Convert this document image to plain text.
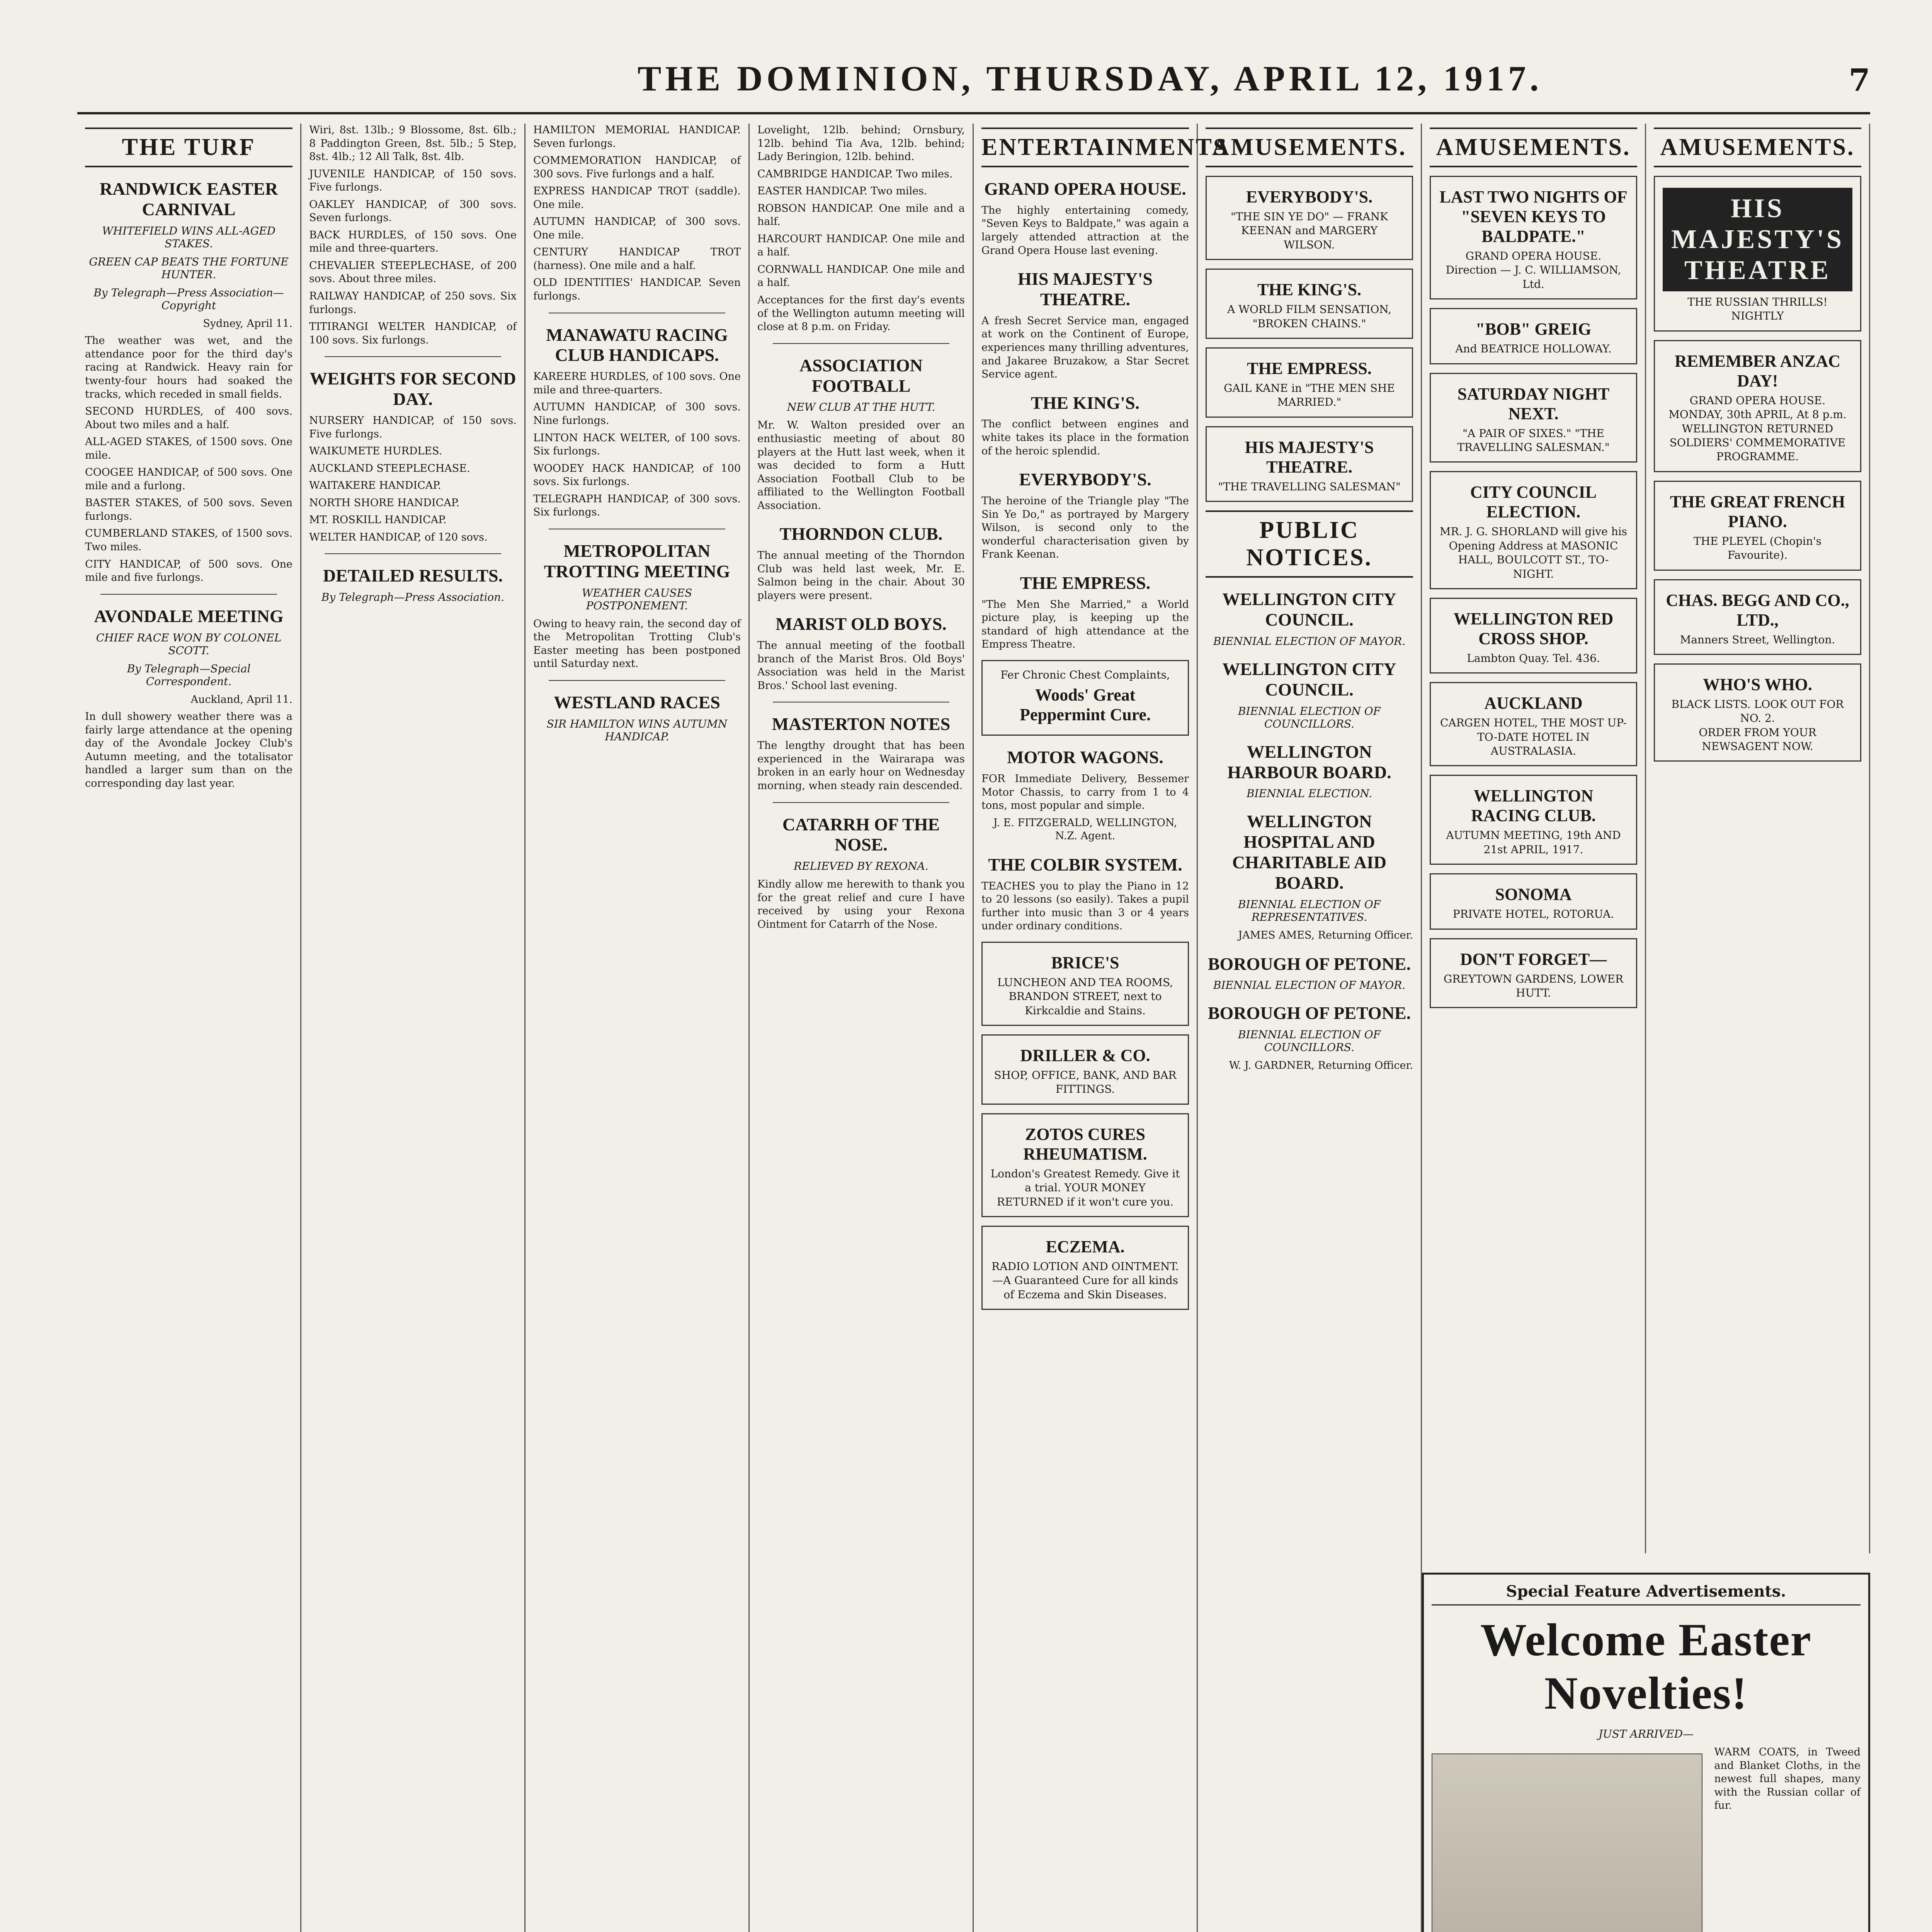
THE DOMINION, THURSDAY, APRIL 12, 1917.	7
THE TURF
RANDWICK EASTER CARNIVAL
WHITEFIELD WINS ALL-AGED STAKES.
GREEN CAP BEATS THE FORTUNE HUNTER.
By Telegraph—Press Association—Copyright
Sydney, April 11.

The weather was wet, and the attendance poor for the third day's racing at Randwick. Heavy rain for twenty-four hours had soaked the tracks, which receded in small fields.

SECOND HURDLES, of 400 sovs. About two miles and a half.

ALL-AGED STAKES, of 1500 sovs. One mile.

COOGEE HANDICAP, of 500 sovs. One mile and a furlong.

BASTER STAKES, of 500 sovs. Seven furlongs.

CUMBERLAND STAKES, of 1500 sovs. Two miles.

CITY HANDICAP, of 500 sovs. One mile and five furlongs.

AVONDALE MEETING
CHIEF RACE WON BY COLONEL SCOTT.
By Telegraph—Special Correspondent.
Auckland, April 11.

In dull showery weather there was a fairly large attendance at the opening day of the Avondale Jockey Club's Autumn meeting, and the totalisator handled a larger sum than on the corresponding day last year.

Wiri, 8st. 13lb.; 9 Blossome, 8st. 6lb.; 8 Paddington Green, 8st. 5lb.; 5 Step, 8st. 4lb.; 12 All Talk, 8st. 4lb.

JUVENILE HANDICAP, of 150 sovs. Five furlongs.

OAKLEY HANDICAP, of 300 sovs. Seven furlongs.

BACK HURDLES, of 150 sovs. One mile and three-quarters.

CHEVALIER STEEPLECHASE, of 200 sovs. About three miles.

RAILWAY HANDICAP, of 250 sovs. Six furlongs.

TITIRANGI WELTER HANDICAP, of 100 sovs. Six furlongs.

WEIGHTS FOR SECOND DAY.

NURSERY HANDICAP, of 150 sovs. Five furlongs.

WAIKUMETE HURDLES.

AUCKLAND STEEPLECHASE.

WAITAKERE HANDICAP.

NORTH SHORE HANDICAP.

MT. ROSKILL HANDICAP.

WELTER HANDICAP, of 120 sovs.

DETAILED RESULTS.
By Telegraph—Press Association.

HAMILTON MEMORIAL HANDICAP. Seven furlongs.

COMMEMORATION HANDICAP, of 300 sovs. Five furlongs and a half.

EXPRESS HANDICAP TROT (saddle). One mile.

AUTUMN HANDICAP, of 300 sovs. One mile.

CENTURY HANDICAP TROT (harness). One mile and a half.

OLD IDENTITIES' HANDICAP. Seven furlongs.

MANAWATU RACING CLUB HANDICAPS.

KAREERE HURDLES, of 100 sovs. One mile and three-quarters.

AUTUMN HANDICAP, of 300 sovs. Nine furlongs.

LINTON HACK WELTER, of 100 sovs. Six furlongs.

WOODEY HACK HANDICAP, of 100 sovs. Six furlongs.

TELEGRAPH HANDICAP, of 300 sovs. Six furlongs.

METROPOLITAN TROTTING MEETING
WEATHER CAUSES POSTPONEMENT.

Owing to heavy rain, the second day of the Metropolitan Trotting Club's Easter meeting has been postponed until Saturday next.

WESTLAND RACES
SIR HAMILTON WINS AUTUMN HANDICAP.

Lovelight, 12lb. behind; Ornsbury, 12lb. behind Tia Ava, 12lb. behind; Lady Beringion, 12lb. behind.

CAMBRIDGE HANDICAP. Two miles.

EASTER HANDICAP. Two miles.

ROBSON HANDICAP. One mile and a half.

HARCOURT HANDICAP. One mile and a half.

CORNWALL HANDICAP. One mile and a half.

Acceptances for the first day's events of the Wellington autumn meeting will close at 8 p.m. on Friday.

ASSOCIATION FOOTBALL
NEW CLUB AT THE HUTT.

Mr. W. Walton presided over an enthusiastic meeting of about 80 players at the Hutt last week, when it was decided to form a Hutt Association Football Club to be affiliated to the Wellington Football Association.

THORNDON CLUB.

The annual meeting of the Thorndon Club was held last week, Mr. E. Salmon being in the chair. About 30 players were present.

MARIST OLD BOYS.

The annual meeting of the football branch of the Marist Bros. Old Boys' Association was held in the Marist Bros.' School last evening.

MASTERTON NOTES

The lengthy drought that has been experienced in the Wairarapa was broken in an early hour on Wednesday morning, when steady rain descended.

CATARRH OF THE NOSE.
RELIEVED BY REXONA.

Kindly allow me herewith to thank you for the great relief and cure I have received by using your Rexona Ointment for Catarrh of the Nose.

ENTERTAINMENTS
GRAND OPERA HOUSE.

The highly entertaining comedy, "Seven Keys to Baldpate," was again a largely attended attraction at the Grand Opera House last evening.

HIS MAJESTY'S THEATRE.

A fresh Secret Service man, engaged at work on the Continent of Europe, experiences many thrilling adventures, and Jakaree Bruzakow, a Star Secret Service agent.

THE KING'S.

The conflict between engines and white takes its place in the formation of the heroic splendid.

EVERYBODY'S.

The heroine of the Triangle play "The Sin Ye Do," as portrayed by Margery Wilson, is second only to the wonderful characterisation given by Frank Keenan.

THE EMPRESS.

"The Men She Married," a World picture play, is keeping up the standard of high attendance at the Empress Theatre.

Fer Chronic Chest Complaints,
Woods' Great Peppermint Cure.
MOTOR WAGONS.

FOR Immediate Delivery, Bessemer Motor Chassis, to carry from 1 to 4 tons, most popular and simple.

J. E. FITZGERALD, WELLINGTON, N.Z. Agent.

THE COLBIR SYSTEM.

TEACHES you to play the Piano in 12 to 20 lessons (so easily). Takes a pupil further into music than 3 or 4 years under ordinary conditions.

BRICE'S
LUNCHEON AND TEA ROOMS, BRANDON STREET, next to Kirkcaldie and Stains.
DRILLER & CO.
SHOP, OFFICE, BANK, AND BAR FITTINGS.
ZOTOS CURES RHEUMATISM.
London's Greatest Remedy. Give it a trial. YOUR MONEY RETURNED if it won't cure you.
ECZEMA.
RADIO LOTION AND OINTMENT.—A Guaranteed Cure for all kinds of Eczema and Skin Diseases.
AMUSEMENTS.
EVERYBODY'S.
"THE SIN YE DO" — FRANK KEENAN and MARGERY WILSON.
THE KING'S.
A WORLD FILM SENSATION, "BROKEN CHAINS."
THE EMPRESS.
GAIL KANE in "THE MEN SHE MARRIED."
HIS MAJESTY'S THEATRE.
"THE TRAVELLING SALESMAN"
PUBLIC NOTICES.
WELLINGTON CITY COUNCIL.
BIENNIAL ELECTION OF MAYOR.
WELLINGTON CITY COUNCIL.
BIENNIAL ELECTION OF COUNCILLORS.
WELLINGTON HARBOUR BOARD.
BIENNIAL ELECTION.
WELLINGTON HOSPITAL AND CHARITABLE AID BOARD.
BIENNIAL ELECTION OF REPRESENTATIVES.

JAMES AMES, Returning Officer.

BOROUGH OF PETONE.
BIENNIAL ELECTION OF MAYOR.
BOROUGH OF PETONE.
BIENNIAL ELECTION OF COUNCILLORS.

W. J. GARDNER, Returning Officer.

AMUSEMENTS.
LAST TWO NIGHTS OF "SEVEN KEYS TO BALDPATE."
GRAND OPERA HOUSE. Direction — J. C. WILLIAMSON, Ltd.
"BOB" GREIG
And BEATRICE HOLLOWAY.
SATURDAY NIGHT NEXT.
"A PAIR OF SIXES." "THE TRAVELLING SALESMAN."
CITY COUNCIL ELECTION.
MR. J. G. SHORLAND will give his Opening Address at MASONIC HALL, BOULCOTT ST., TO-NIGHT.
WELLINGTON RED CROSS SHOP.
Lambton Quay. Tel. 436.
AUCKLAND
CARGEN HOTEL, THE MOST UP-TO-DATE HOTEL IN AUSTRALASIA.
WELLINGTON RACING CLUB.
AUTUMN MEETING, 19th AND 21st APRIL, 1917.
SONOMA
PRIVATE HOTEL, ROTORUA.
DON'T FORGET—
GREYTOWN GARDENS, LOWER HUTT.
AMUSEMENTS.
HIS MAJESTY'S THEATRE
THE RUSSIAN THRILLS! NIGHTLY
REMEMBER ANZAC DAY!
GRAND OPERA HOUSE. MONDAY, 30th APRIL, At 8 p.m. WELLINGTON RETURNED SOLDIERS' COMMEMORATIVE PROGRAMME.
THE GREAT FRENCH PIANO.
THE PLEYEL (Chopin's Favourite).
CHAS. BEGG AND CO., LTD.,
Manners Street, Wellington.
WHO'S WHO.
BLACK LISTS. LOOK OUT FOR NO. 2.
ORDER FROM YOUR NEWSAGENT NOW.
Special Feature Advertisements.
Welcome Easter Novelties!
JUST ARRIVED—

WARM COATS, in Tweed and Blanket Cloths, in the newest full shapes, many with the Russian collar of fur.
